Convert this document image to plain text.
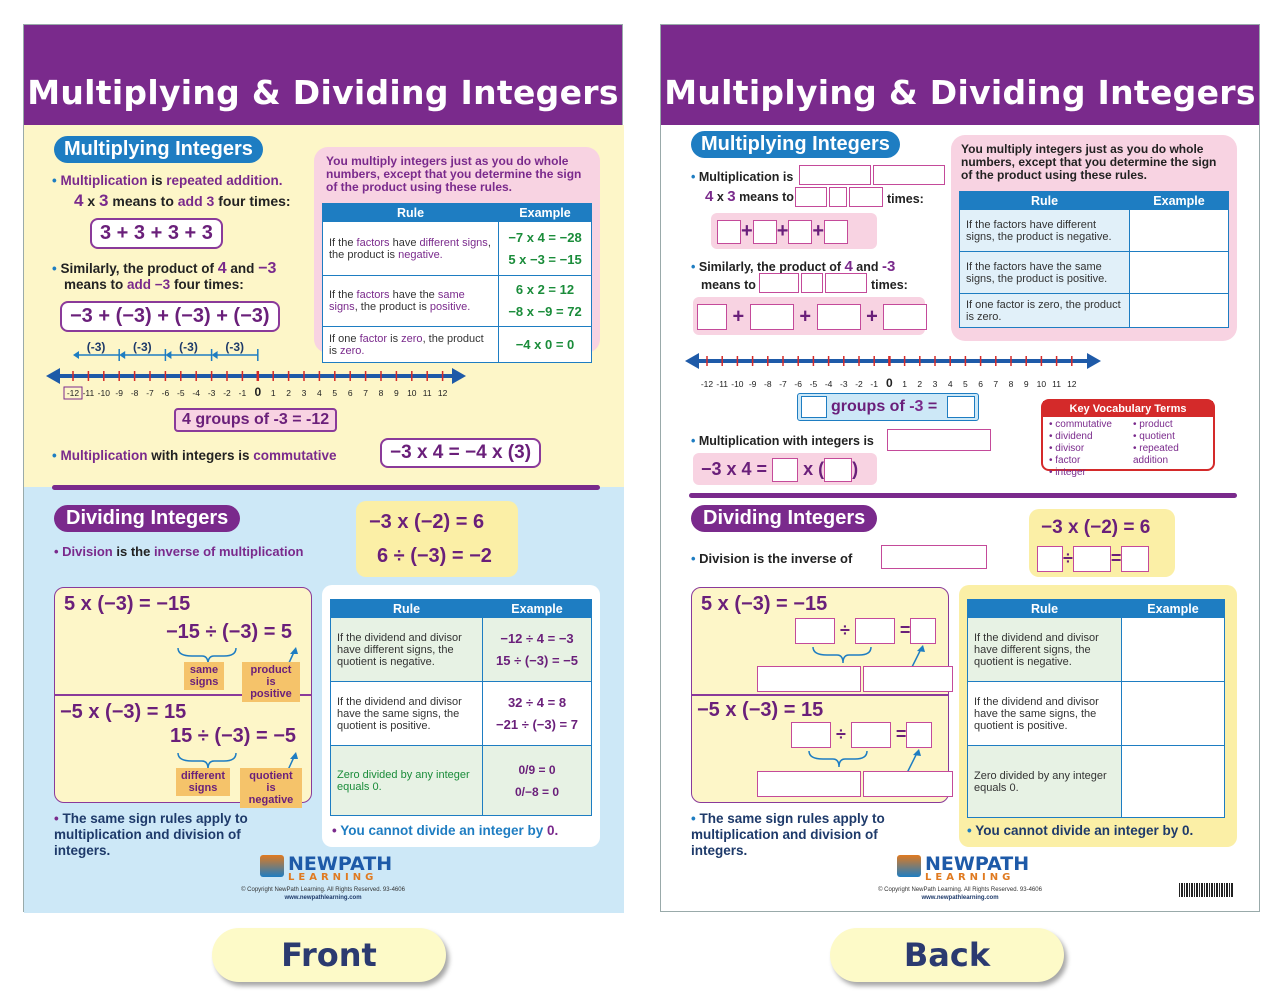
Multiplying & Dividing Integers
Multiplying Integers
• Multiplication is repeated addition.
4 x 3 means to add 3 four times:
3 + 3 + 3 + 3
• Similarly, the product of 4 and −3
means to add −3 four times:
−3 + (−3) + (−3) + (−3)
(-3)
(-3)
(-3)
(-3)
-12 -11 -10 -9 -8 -7 -6 -5 -4 -3 -2 -1 0 1 2 3 4 5 6 7 8 9 10 11 12
4 groups of -3 = -12
• Multiplication with integers is commutative	−3 x 4 = −4 x (3)
You multiply integers just as you do whole numbers, except that you determine the sign of the product using these rules.
Rule	Example
If the factors have different signs, the product is negative.	−7 x 4 = −28
5 x −3 = −15

If the factors have the same signs, the product is positive.	6 x 2 = 12
−8 x −9 = 72

If one factor is zero, the product is zero.	−4 x 0 = 0
Dividing Integers
• Division is the inverse of multiplication
−3 x (−2) = 6
6 ÷ (−3) = −2
5 x (−3) = −15
−15 ÷ (−3) = 5
same signs
product is positive
−5 x (−3) = 15
15 ÷ (−3) = −5
different signs
quotient is negative
Rule	Example
If the dividend and divisor have different signs, the quotient is negative.	−12 ÷ 4 = −3
15 ÷ (−3) = −5

If the dividend and divisor have the same signs, the quotient is positive.	32 ÷ 4 = 8
−21 ÷ (−3) = 7

Zero divided by any integer equals 0.	0/9 = 0
0/−8 = 0
• The same sign rules apply to multiplication and division of integers.
• You cannot divide an integer by 0.
NEWPATH
LEARNING
© Copyright NewPath Learning. All Rights Reserved. 93-4606
www.newpathlearning.com
Multiplying & Dividing Integers
Multiplying Integers
• Multiplication is
4 x 3 means to	times:
+ + +
• Similarly, the product of 4 and -3
means to	times:
+  +  +
-12 -11 -10 -9 -8 -7 -6 -5 -4 -3 -2 -1 0 1 2 3 4 5 6 7 8 9 10 11 12
groups of -3 =
• Multiplication with integers is
−3 x 4 = x ( )
You multiply integers just as you do whole numbers, except that you determine the sign of the product using these rules.
Rule	Example
If the factors have different signs, the product is negative.	
If the factors have the same signs, the product is positive.	
If one factor is zero, the product is zero.	
Key Vocabulary Terms
• commutative
• dividend
• divisor
• factor
• integer
• product
• quotient
• repeated addition
Dividing Integers
• Division is the inverse of
−3 x (−2) = 6
÷ =
5 x (−3) = −15
÷  =
−5 x (−3) = 15
÷  =
Rule	Example
If the dividend and divisor have different signs, the quotient is negative.	
If the dividend and divisor have the same signs, the quotient is positive.	
Zero divided by any integer equals 0.	
• The same sign rules apply to multiplication and division of integers.
• You cannot divide an integer by 0.
NEWPATH
LEARNING
© Copyright NewPath Learning. All Rights Reserved. 93-4606
www.newpathlearning.com
Front	Back
